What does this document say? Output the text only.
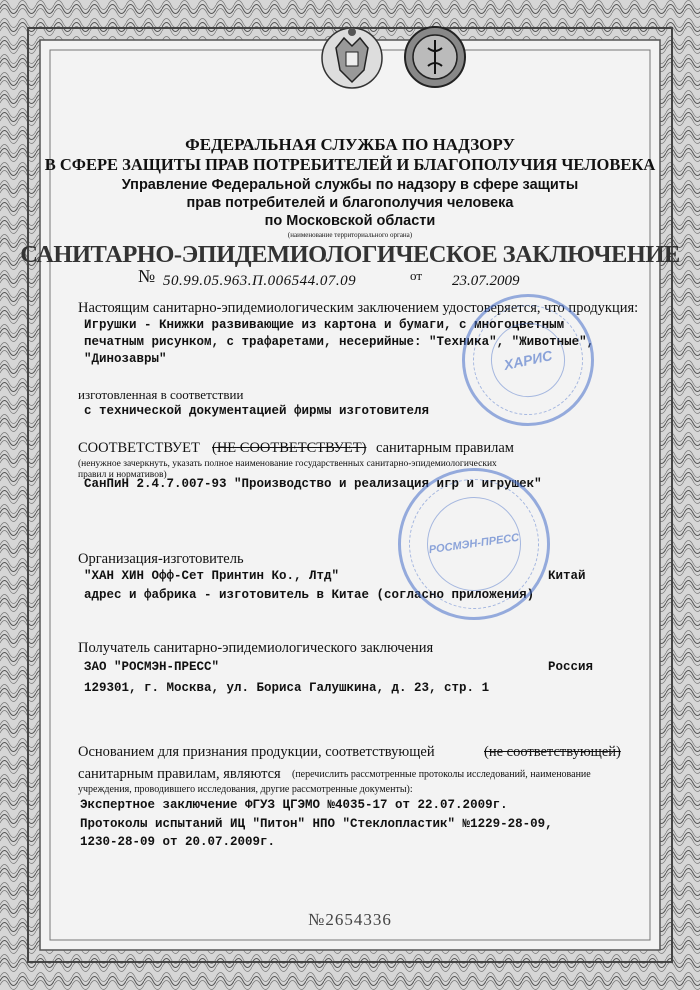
ФЕДЕРАЛЬНАЯ СЛУЖБА ПО НАДЗОРУ
В СФЕРЕ ЗАЩИТЫ ПРАВ ПОТРЕБИТЕЛЕЙ И БЛАГОПОЛУЧИЯ ЧЕЛОВЕКА
Управление Федеральной службы по надзору в сфере защиты
прав потребителей и благополучия человека
по Московской области
(наименование территориального органа)
САНИТАРНО-ЭПИДЕМИОЛОГИЧЕСКОЕ ЗАКЛЮЧЕНИЕ
№ 50.99.05.963.П.006544.07.09	от 23.07.2009
Настоящим санитарно-эпидемиологическим заключением удостоверяется, что продукция:
Игрушки - Книжки развивающие из картона и бумаги, с многоцветным
печатным рисунком, с трафаретами, несерийные: "Техника", "Животные",
"Динозавры"
изготовленная в соответствии
с технической документацией фирмы изготовителя
СООТВЕТСТВУЕТ (НЕ СООТВЕТСТВУЕТ) санитарным правилам
(ненужное зачеркнуть, указать полное наименование государственных санитарно-эпидемиологических
правил и нормативов)
СанПиН 2.4.7.007-93 "Производство и реализация игр и игрушек"
Организация-изготовитель
"ХАН ХИН Офф-Сет Принтин Ко., Лтд"	Китай
адрес и фабрика - изготовитель в Китае (согласно приложения)
Получатель санитарно-эпидемиологического заключения
ЗАО "РОСМЭН-ПРЕСС"	Россия
129301, г. Москва, ул. Бориса Галушкина, д. 23, стр. 1
Основанием для признания продукции, соответствующей	(не соответствующей)
санитарным правилам, являются (перечислить рассмотренные протоколы исследований, наименование
учреждения, проводившего исследования, другие рассмотренные документы):
Экспертное заключение ФГУЗ ЦГЭМО №4035-17 от 22.07.2009г.
Протоколы испытаний ИЦ "Питон" НПО "Стеклопластик" №1229-28-09,
1230-28-09 от 20.07.2009г.
№2654336
ХАРИС
РОСМЭН-ПРЕСС
